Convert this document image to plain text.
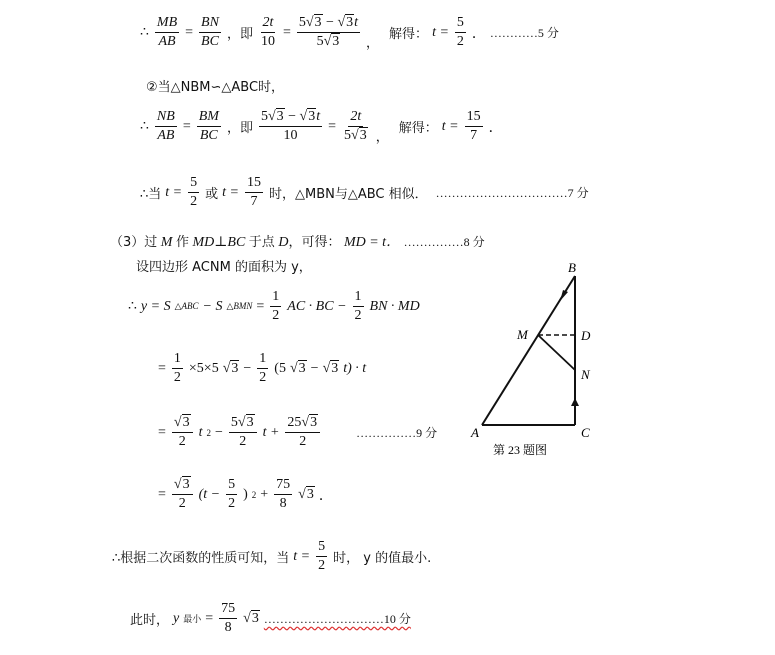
∴ $\frac{MB}{AB} = \frac{BN}{BC}$ ，即 $\frac{2t}{10} = \frac{5√3 - √3t}{5√3}$ ，
解得： $t = \frac{5}{2}$ ． …………5 分
②当△NBM∽△ABC时，
∴ $\frac{NB}{AB} = \frac{BM}{BC}$ ，即 $\frac{5√3 - √3t}{10} = \frac{2t}{5√3}$ ，
解得： $t = \frac{15}{7}$ ．
∴当 $t = \frac{5}{2}$ 或 $t = \frac{15}{7}$ 时，△MBN与△ABC 相似． ……………………………7 分
（3）过 M 作 MD⊥BC 于点 D，可得： MD = t． ……………8 分
设四边形 ACNM 的面积为 y，
∴ y = S △ABC − S △BMN = $\frac{1}{2}$ AC · BC − $\frac{1}{2}$ BN · MD
= $\frac{1}{2} \times 5\times 5$ $√3 - \frac{1}{2} (5$ √3 − √3 t) · t
= $\frac{√3}{2}$ t $2 - \frac{5√3}{2}$ $t + \frac{25√3}{2}$	……………9 分
= $\frac{√3}{2} (t - \frac{5}{2}$ ) $2 + \frac{75}{8} √3$ ．
∴根据二次函数的性质可知，当 $t = \frac{5}{2}$ 时， y 的值最小.
此时， y 最小 = $\frac{75}{8} √3$ …………………………10 分
A
B
C
D
M
N
第 23 题图
